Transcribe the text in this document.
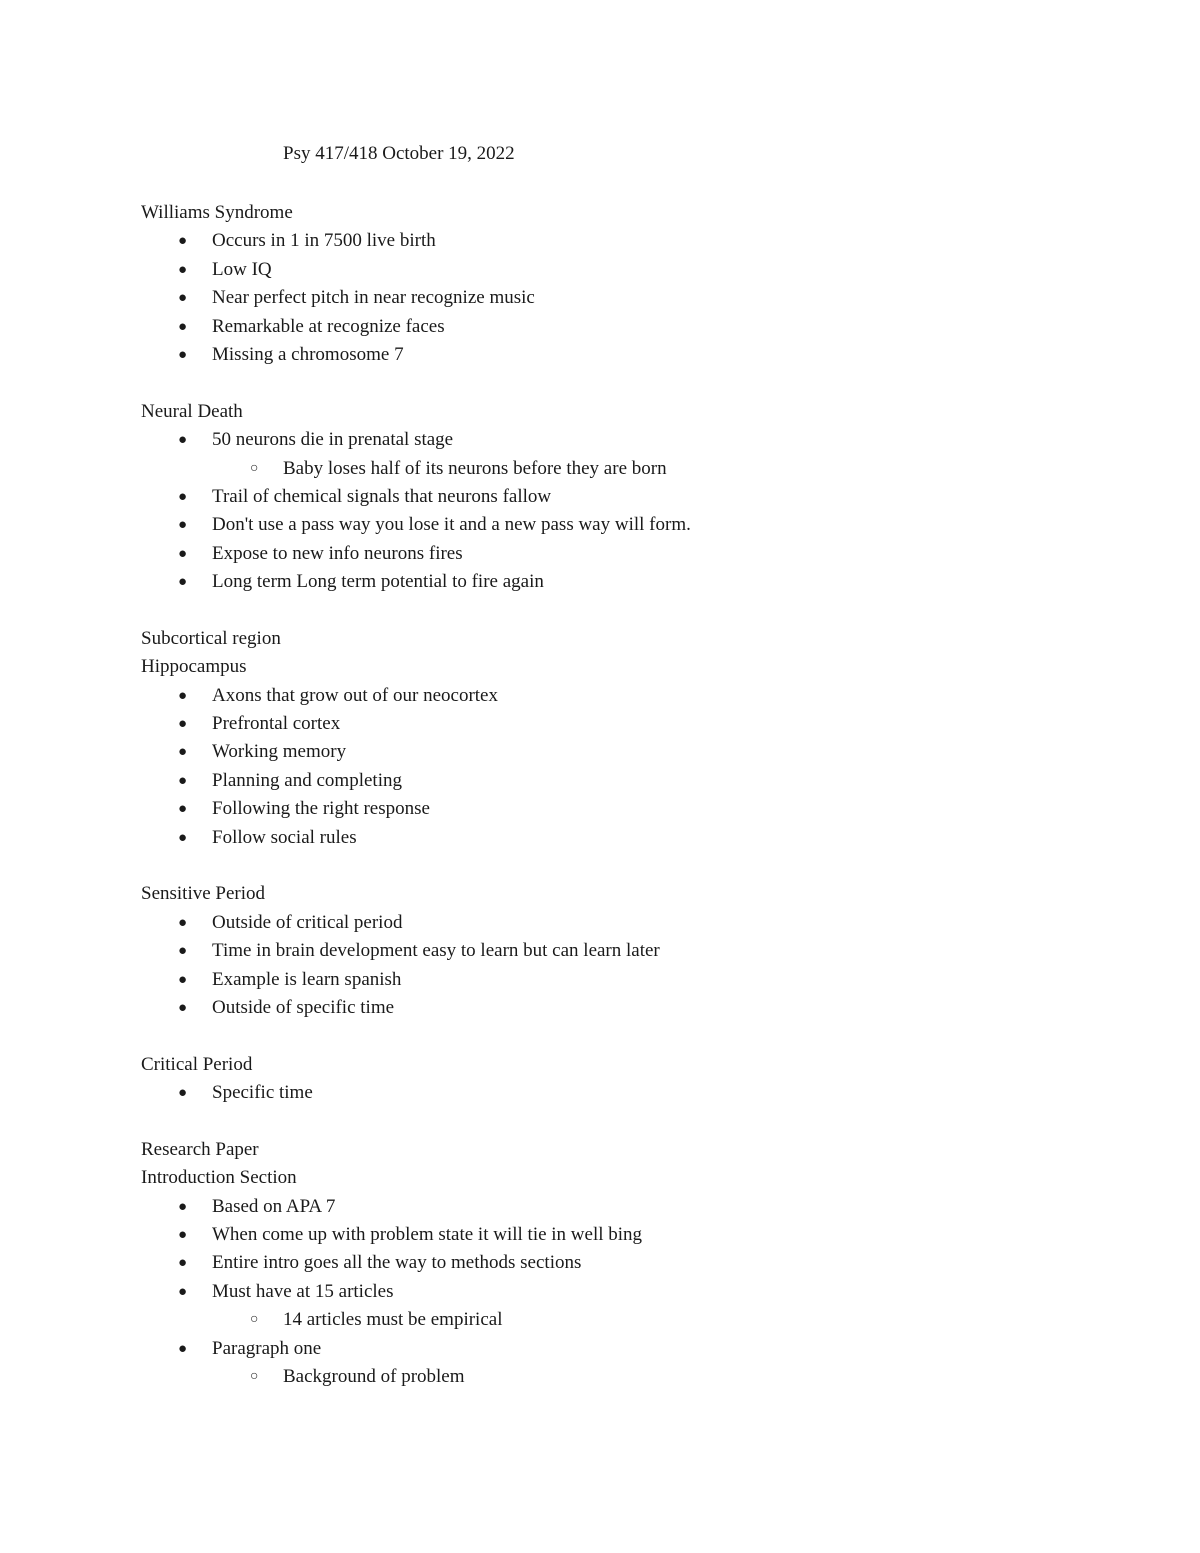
Psy 417/418 October 19, 2022
Williams Syndrome
● Occurs in 1 in 7500 live birth
● Low IQ
● Near perfect pitch in near recognize music
● Remarkable at recognize faces
● Missing a chromosome 7
Neural Death
● 50 neurons die in prenatal stage
○ Baby loses half of its neurons before they are born
● Trail of chemical signals that neurons fallow
● Don't use a pass way you lose it and a new pass way will form.
● Expose to new info neurons fires
● Long term Long term potential to fire again
Subcortical region
Hippocampus
● Axons that grow out of our neocortex
● Prefrontal cortex
● Working memory
● Planning and completing
● Following the right response
● Follow social rules
Sensitive Period
● Outside of critical period
● Time in brain development easy to learn but can learn later
● Example is learn spanish
● Outside of specific time
Critical Period
● Specific time
Research Paper
Introduction Section
● Based on APA 7
● When come up with problem state it will tie in well bing
● Entire intro goes all the way to methods sections
● Must have at 15 articles
○ 14 articles must be empirical
● Paragraph one
○ Background of problem
